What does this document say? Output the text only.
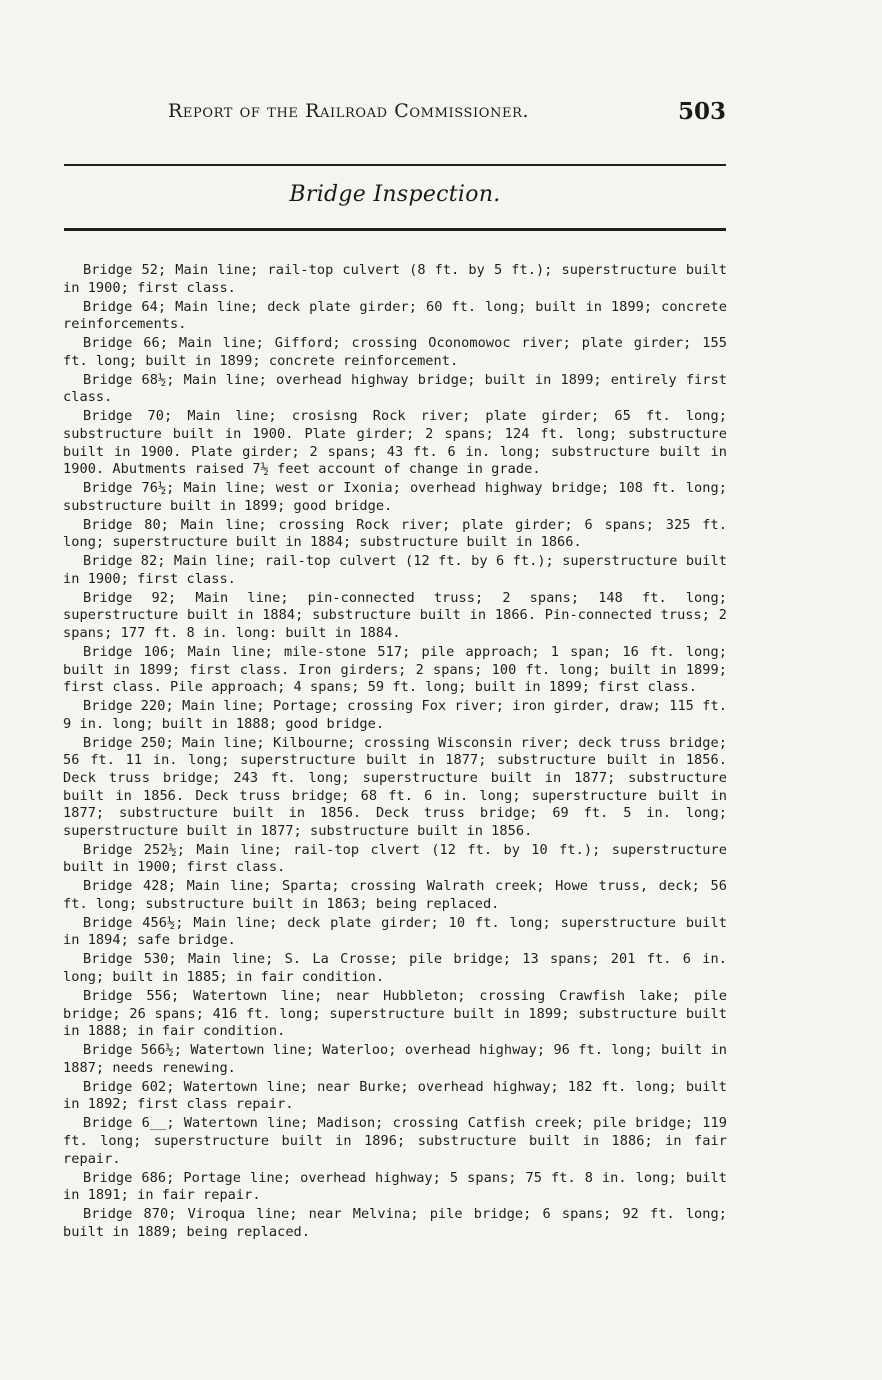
Report of the Railroad Commissioner.	503
Bridge Inspection.

Bridge 52; Main line; rail-top culvert (8 ft. by 5 ft.); superstructure built in 1900; first class.

Bridge 64; Main line; deck plate girder; 60 ft. long; built in 1899; concrete reinforcements.

Bridge 66; Main line; Gifford; crossing Oconomowoc river; plate girder; 155 ft. long; built in 1899; concrete reinforcement.

Bridge 68½; Main line; overhead highway bridge; built in 1899; entirely first class.

Bridge 70; Main line; crosisng Rock river; plate girder; 65 ft. long; substructure built in 1900. Plate girder; 2 spans; 124 ft. long; substructure built in 1900. Plate girder; 2 spans; 43 ft. 6 in. long; substructure built in 1900. Abutments raised 7½ feet account of change in grade.

Bridge 76½; Main line; west or Ixonia; overhead highway bridge; 108 ft. long; substructure built in 1899; good bridge.

Bridge 80; Main line; crossing Rock river; plate girder; 6 spans; 325 ft. long; superstructure built in 1884; substructure built in 1866.

Bridge 82; Main line; rail-top culvert (12 ft. by 6 ft.); superstructure built in 1900; first class.

Bridge 92; Main line; pin-connected truss; 2 spans; 148 ft. long; superstructure built in 1884; substructure built in 1866. Pin-connected truss; 2 spans; 177 ft. 8 in. long: built in 1884.

Bridge 106; Main line; mile-stone 517; pile approach; 1 span; 16 ft. long; built in 1899; first class. Iron girders; 2 spans; 100 ft. long; built in 1899; first class. Pile approach; 4 spans; 59 ft. long; built in 1899; first class.

Bridge 220; Main line; Portage; crossing Fox river; iron girder, draw; 115 ft. 9 in. long; built in 1888; good bridge.

Bridge 250; Main line; Kilbourne; crossing Wisconsin river; deck truss bridge; 56 ft. 11 in. long; superstructure built in 1877; substructure built in 1856. Deck truss bridge; 243 ft. long; superstructure built in 1877; substructure built in 1856. Deck truss bridge; 68 ft. 6 in. long; superstructure built in 1877; substructure built in 1856. Deck truss bridge; 69 ft. 5 in. long; superstructure built in 1877; substructure built in 1856.

Bridge 252½; Main line; rail-top clvert (12 ft. by 10 ft.); superstructure built in 1900; first class.

Bridge 428; Main line; Sparta; crossing Walrath creek; Howe truss, deck; 56 ft. long; substructure built in 1863; being replaced.

Bridge 456½; Main line; deck plate girder; 10 ft. long; superstructure built in 1894; safe bridge.

Bridge 530; Main line; S. La Crosse; pile bridge; 13 spans; 201 ft. 6 in. long; built in 1885; in fair condition.

Bridge 556; Watertown line; near Hubbleton; crossing Crawfish lake; pile bridge; 26 spans; 416 ft. long; superstructure built in 1899; substructure built in 1888; in fair condition.

Bridge 566½; Watertown line; Waterloo; overhead highway; 96 ft. long; built in 1887; needs renewing.

Bridge 602; Watertown line; near Burke; overhead highway; 182 ft. long; built in 1892; first class repair.

Bridge 6__; Watertown line; Madison; crossing Catfish creek; pile bridge; 119 ft. long; superstructure built in 1896; substructure built in 1886; in fair repair.

Bridge 686; Portage line; overhead highway; 5 spans; 75 ft. 8 in. long; built in 1891; in fair repair.

Bridge 870; Viroqua line; near Melvina; pile bridge; 6 spans; 92 ft. long; built in 1889; being replaced.
